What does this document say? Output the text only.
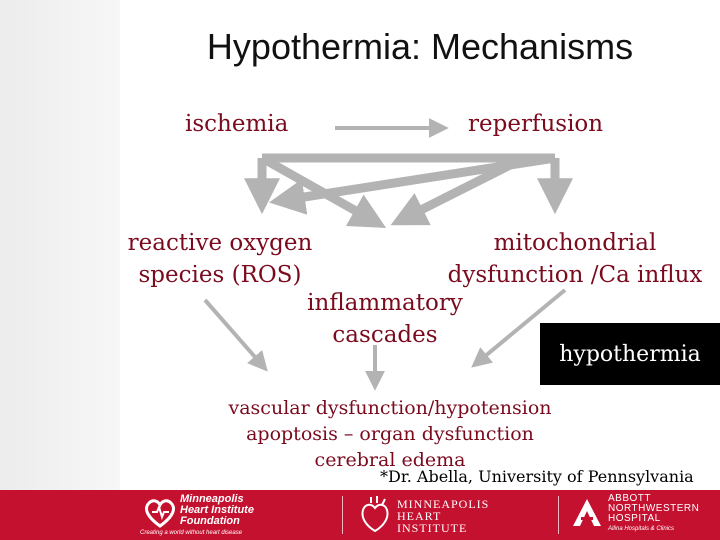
Hypothermia: Mechanisms
ischemia	reperfusion
reactive oxygen
species (ROS)
mitochondrial
dysfunction /Ca influx
inflammatory
cascades
hypothermia
vascular dysfunction/hypotension
apoptosis – organ dysfunction
cerebral edema
*Dr. Abella, University of Pennsylvania
Minneapolis
Heart Institute
Foundation
Creating a world without heart disease
MINNEAPOLIS
HEART
INSTITUTE
ABBOTT
NORTHWESTERN
HOSPITAL
Allina Hospitals & Clinics
